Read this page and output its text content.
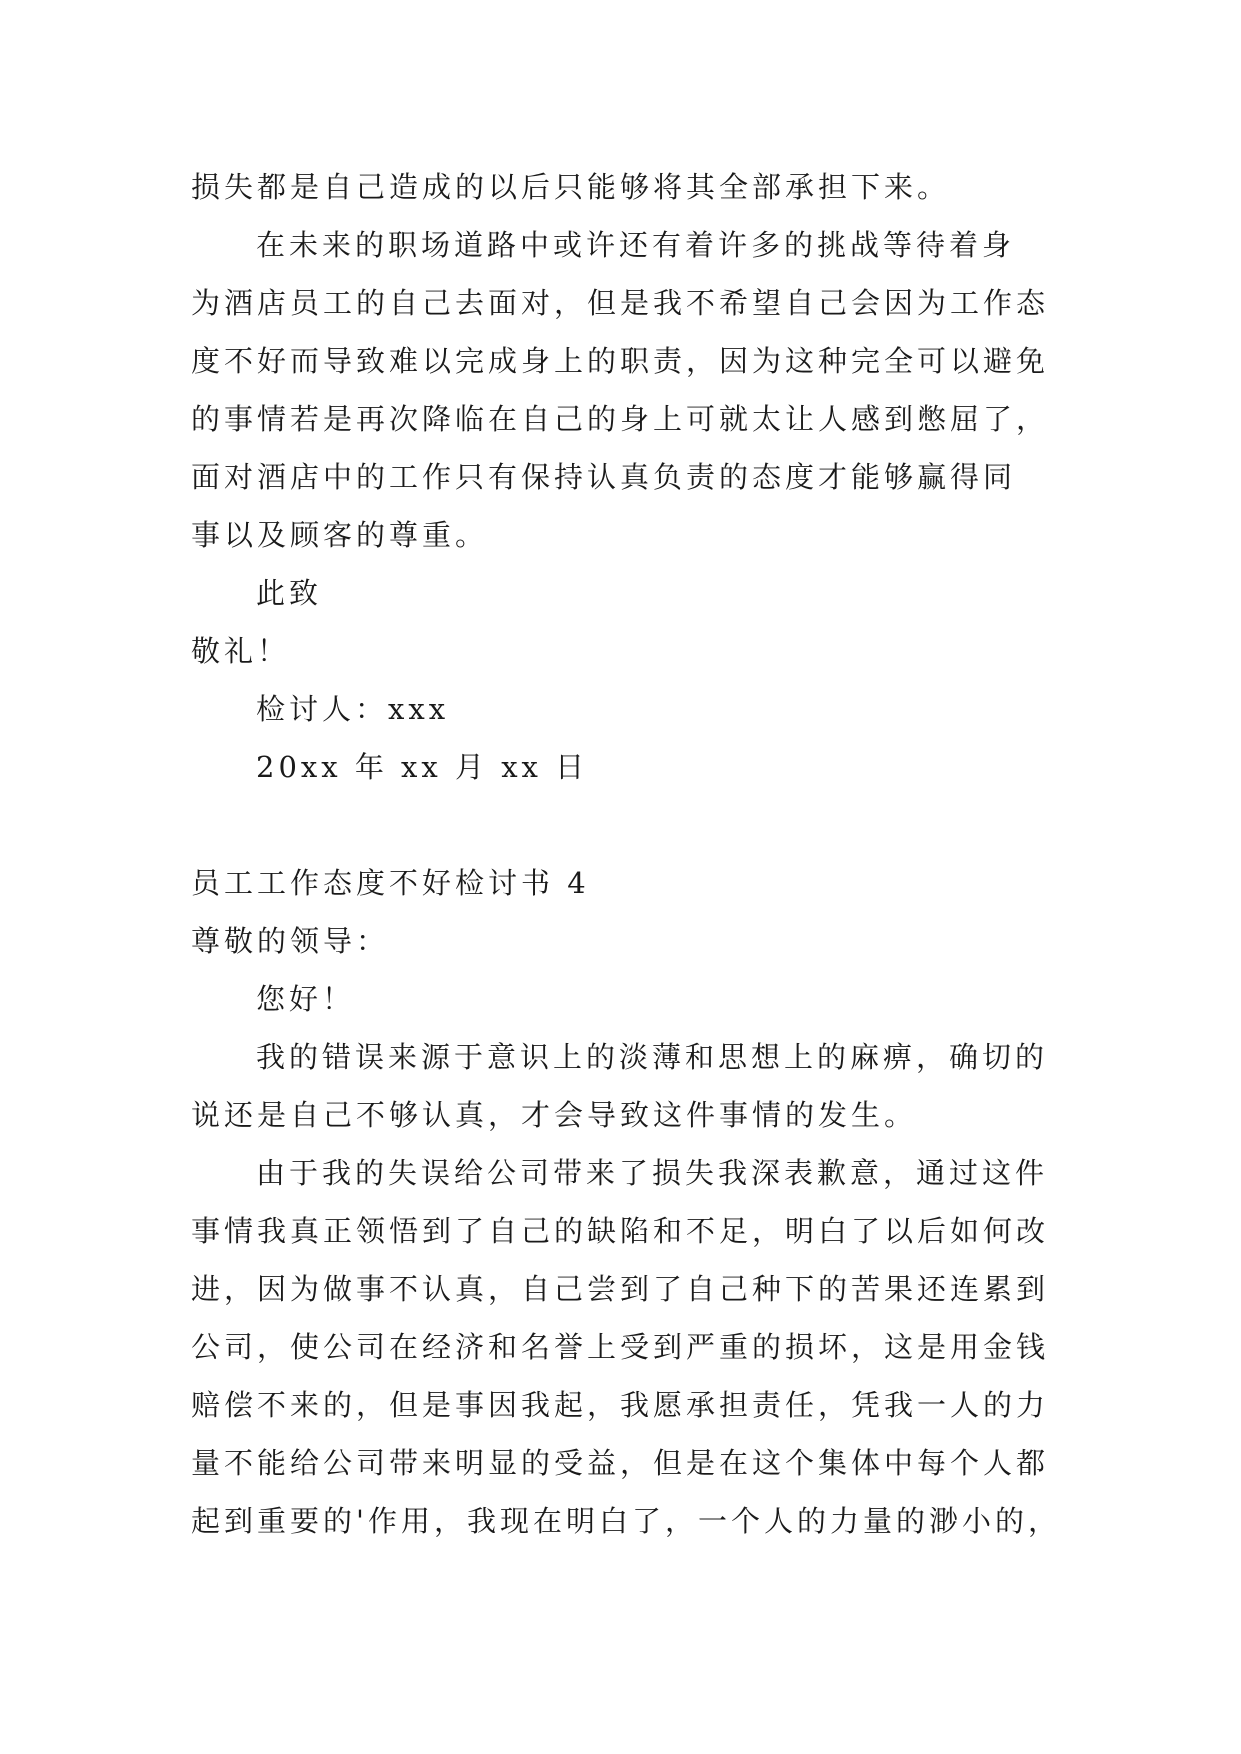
损失都是自己造成的以后只能够将其全部承担下来。

在未来的职场道路中或许还有着许多的挑战等待着身

为酒店员工的自己去面对，但是我不希望自己会因为工作态

度不好而导致难以完成身上的职责，因为这种完全可以避免

的事情若是再次降临在自己的身上可就太让人感到憋屈了，

面对酒店中的工作只有保持认真负责的态度才能够赢得同

事以及顾客的尊重。

此致

敬礼！

检讨人：xxx

20xx 年 xx 月 xx 日

员工工作态度不好检讨书 4

尊敬的领导：

您好！

我的错误来源于意识上的淡薄和思想上的麻痹，确切的

说还是自己不够认真，才会导致这件事情的发生。

由于我的失误给公司带来了损失我深表歉意，通过这件

事情我真正领悟到了自己的缺陷和不足，明白了以后如何改

进，因为做事不认真，自己尝到了自己种下的苦果还连累到

公司，使公司在经济和名誉上受到严重的损坏，这是用金钱

赔偿不来的，但是事因我起，我愿承担责任，凭我一人的力

量不能给公司带来明显的受益，但是在这个集体中每个人都

起到重要的'作用，我现在明白了，一个人的力量的渺小的，
